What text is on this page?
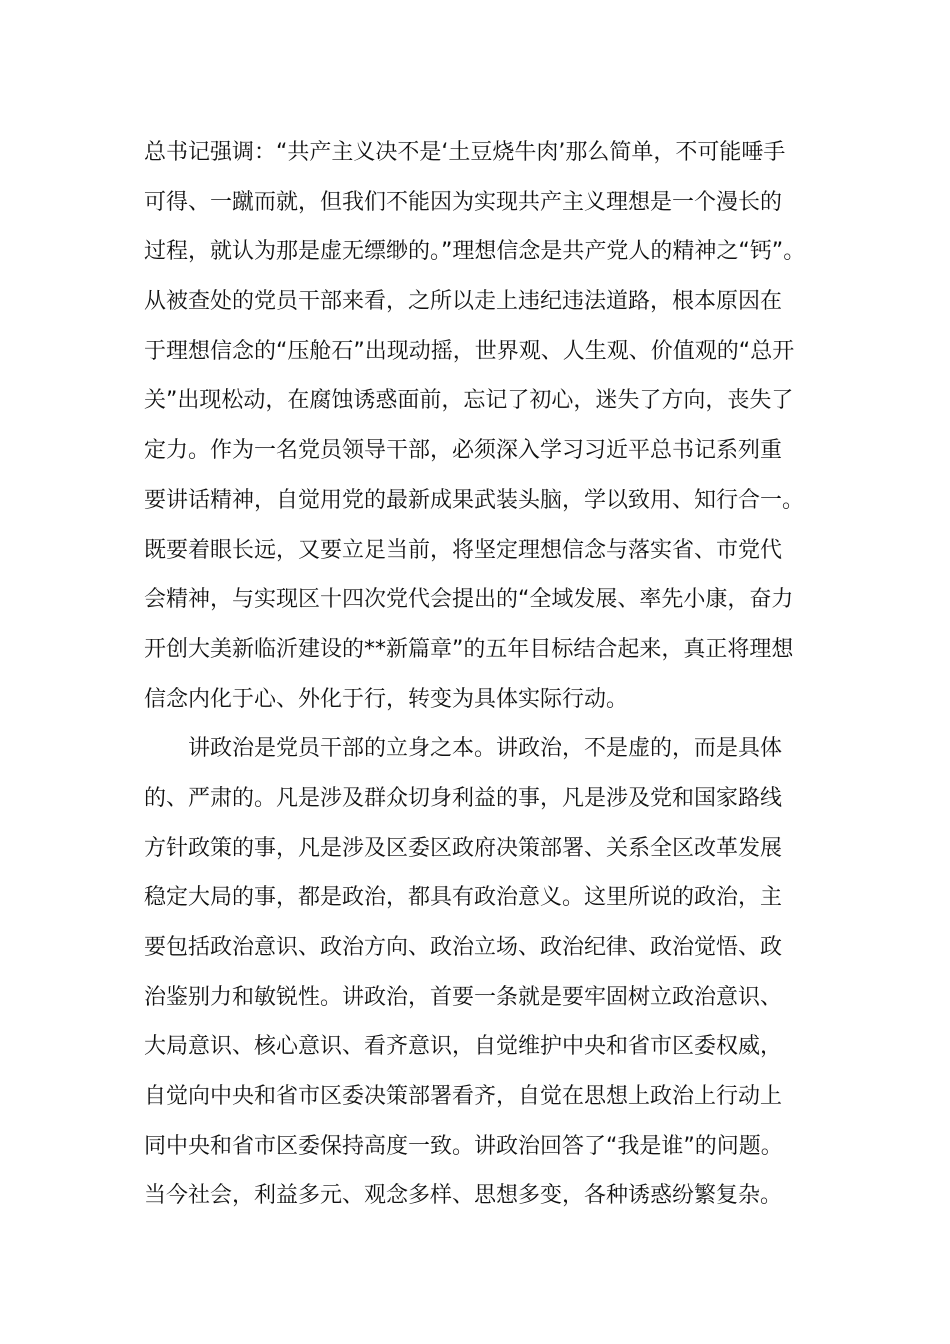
总书记强调：“共产主义决不是‘土豆烧牛肉’那么简单，不可能唾手
可得、一蹴而就，但我们不能因为实现共产主义理想是一个漫长的
过程，就认为那是虚无缥缈的。”理想信念是共产党人的精神之“钙”。
从被查处的党员干部来看，之所以走上违纪违法道路，根本原因在
于理想信念的“压舱石”出现动摇，世界观、人生观、价值观的“总开
关”出现松动，在腐蚀诱惑面前，忘记了初心，迷失了方向，丧失了
定力。作为一名党员领导干部，必须深入学习习近平总书记系列重
要讲话精神，自觉用党的最新成果武装头脑，学以致用、知行合一。
既要着眼长远，又要立足当前，将坚定理想信念与落实省、市党代
会精神，与实现区十四次党代会提出的“全域发展、率先小康，奋力
开创大美新临沂建设的**新篇章”的五年目标结合起来，真正将理想
信念内化于心、外化于行，转变为具体实际行动。
讲政治是党员干部的立身之本。讲政治，不是虚的，而是具体
的、严肃的。凡是涉及群众切身利益的事，凡是涉及党和国家路线
方针政策的事，凡是涉及区委区政府决策部署、关系全区改革发展
稳定大局的事，都是政治，都具有政治意义。这里所说的政治，主
要包括政治意识、政治方向、政治立场、政治纪律、政治觉悟、政
治鉴别力和敏锐性。讲政治，首要一条就是要牢固树立政治意识、
大局意识、核心意识、看齐意识，自觉维护中央和省市区委权威，
自觉向中央和省市区委决策部署看齐，自觉在思想上政治上行动上
同中央和省市区委保持高度一致。讲政治回答了“我是谁”的问题。
当今社会，利益多元、观念多样、思想多变，各种诱惑纷繁复杂。
